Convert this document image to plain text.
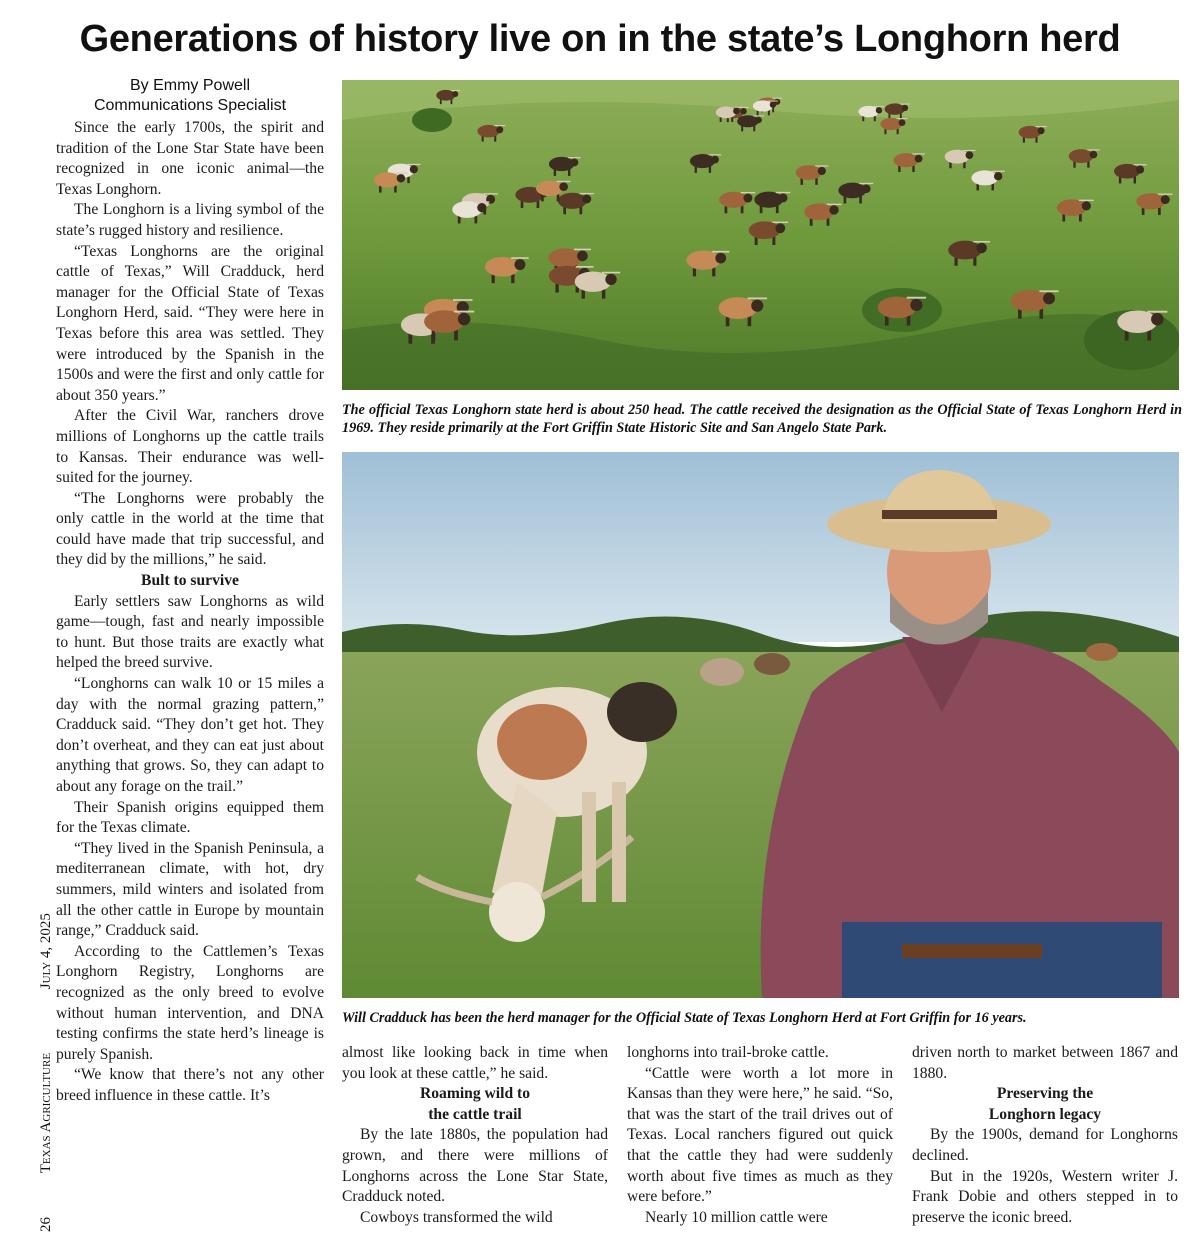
Generations of history live on in the state’s Longhorn herd
By Emmy Powell
Communications Specialist

Since the early 1700s, the spirit and tradition of the Lone Star State have been recognized in one iconic animal—the Texas Longhorn.

The Longhorn is a living symbol of the state’s rugged history and resilience.

“Texas Longhorns are the original cattle of Texas,” Will Cradduck, herd manager for the Official State of Texas Longhorn Herd, said. “They were here in Texas before this area was settled. They were introduced by the Spanish in the 1500s and were the first and only cattle for about 350 years.”

After the Civil War, ranchers drove millions of Longhorns up the cattle trails to Kansas. Their endurance was well-suited for the journey.

“The Longhorns were probably the only cattle in the world at the time that could have made that trip successful, and they did by the millions,” he said.

Bult to survive

Early settlers saw Longhorns as wild game—tough, fast and nearly impossible to hunt. But those traits are exactly what helped the breed survive.

“Longhorns can walk 10 or 15 miles a day with the normal grazing pattern,” Cradduck said. “They don’t get hot. They don’t overheat, and they can eat just about anything that grows. So, they can adapt to about any forage on the trail.”

Their Spanish origins equipped them for the Texas climate.

“They lived in the Spanish Peninsula, a mediterranean climate, with hot, dry summers, mild winters and isolated from all the other cattle in Europe by mountain range,” Cradduck said.

According to the Cattlemen’s Texas Longhorn Registry, Longhorns are recognized as the only breed to evolve without human intervention, and DNA testing confirms the state herd’s lineage is purely Spanish.

“We know that there’s not any other breed influence in these cattle. It’s

The official Texas Longhorn state herd is about 250 head. The cattle received the designation as the Official State of Texas Longhorn Herd in 1969. They reside primarily at the Fort Griffin State Historic Site and San Angelo State Park.
Will Cradduck has been the herd manager for the Official State of Texas Longhorn Herd at Fort Griffin for 16 years.

almost like looking back in time when you look at these cattle,” he said.

Roaming wild to
the cattle trail

By the late 1880s, the population had grown, and there were millions of Longhorns across the Lone Star State, Cradduck noted.

Cowboys transformed the wild

longhorns into trail-broke cattle.

“Cattle were worth a lot more in Kansas than they were here,” he said. “So, that was the start of the trail drives out of Texas. Local ranchers figured out quick that the cattle they had were suddenly worth about five times as much as they were before.”

Nearly 10 million cattle were

driven north to market between 1867 and 1880.

Preserving the
Longhorn legacy

By the 1900s, demand for Longhorns declined.

But in the 1920s, Western writer J. Frank Dobie and others stepped in to preserve the iconic breed.

26 Texas Agriculture July 4, 2025
